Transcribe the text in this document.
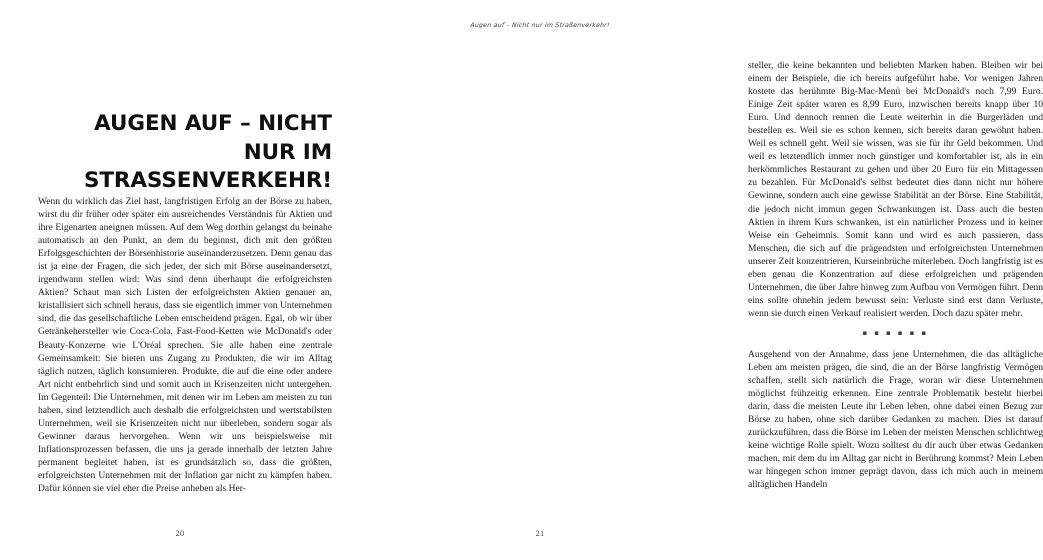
AUGEN AUF – NICHT NUR IM
STRASSENVERKEHR!

Wenn du wirklich das Ziel hast, langfristigen Erfolg an der Börse zu haben, wirst du dir früher oder später ein ausreichendes Verständnis für Aktien und ihre Eigenarten aneignen müssen. Auf dem Weg dorthin gelangst du beinahe automatisch an den Punkt, an dem du beginnst, dich mit den größten Erfolgsgeschichten der Börsenhistorie auseinanderzusetzen. Denn genau das ist ja eine der Fragen, die sich jeder, der sich mit Börse auseinandersetzt, irgendwann stellen wird: Was sind denn überhaupt die erfolgreichsten Aktien? Schaut man sich Listen der erfolgreichsten Aktien genauer an, kristallisiert sich schnell heraus, dass sie eigentlich immer von Unternehmen sind, die das gesellschaftliche Leben entscheidend prägen. Egal, ob wir über Getränkehersteller wie Coca-Cola, Fast-Food-Ketten wie McDonald's oder Beauty-Konzerne wie L'Oréal sprechen. Sie alle haben eine zentrale Gemeinsamkeit: Sie bieten uns Zugang zu Produkten, die wir im Alltag täglich nutzen, täglich konsumieren. Produkte, die auf die eine oder andere Art nicht entbehrlich sind und somit auch in Krisenzeiten nicht untergehen. Im Gegenteil: Die Unternehmen, mit denen wir im Leben am meisten zu tun haben, sind letztendlich auch deshalb die erfolgreichsten und wertstabilsten Unternehmen, weil sie Krisenzeiten nicht nur überleben, sondern sogar als Gewinner daraus hervorgehen. Wenn wir uns beispielsweise mit Inflationsprozessen befassen, die uns ja gerade innerhalb der letzten Jahre permanent begleitet haben, ist es grundsätzlich so, dass die größten, erfolgreichsten Unternehmen mit der Inflation gar nicht zu kämpfen haben. Dafür können sie viel eher die Preise anheben als Her-

20
Augen auf – Nicht nur im Straßenverkehr!

steller, die keine bekannten und beliebten Marken haben. Bleiben wir bei einem der Beispiele, die ich bereits aufgeführt habe. Vor wenigen Jahren kostete das berühmte Big-Mac-Menü bei McDonald's noch 7,99 Euro. Einige Zeit später waren es 8,99 Euro, inzwischen bereits knapp über 10 Euro. Und dennoch rennen die Leute weiterhin in die Burgerläden und bestellen es. Weil sie es schon kennen, sich bereits daran gewöhnt haben. Weil es schnell geht. Weil sie wissen, was sie für ihr Geld bekommen. Und weil es letztendlich immer noch günstiger und komfortabler ist, als in ein herkömmliches Restaurant zu gehen und über 20 Euro für ein Mittagessen zu bezahlen. Für McDonald's selbst bedeutet dies dann nicht nur höhere Gewinne, sondern auch eine gewisse Stabilität an der Börse. Eine Stabilität, die jedoch nicht immun gegen Schwankungen ist. Dass auch die besten Aktien in ihrem Kurs schwanken, ist ein natürlicher Prozess und in keiner Weise ein Geheimnis. Somit kann und wird es auch passieren, dass Menschen, die sich auf die prägendsten und erfolgreichsten Unternehmen unserer Zeit konzentrieren, Kurseinbrüche miterleben. Doch langfristig ist es eben genau die Konzentration auf diese erfolgreichen und prägenden Unternehmen, die über Jahre hinweg zum Aufbau von Vermögen führt. Denn eins sollte ohnehin jedem bewusst sein: Verluste sind erst dann Verluste, wenn sie durch einen Verkauf realisiert werden. Doch dazu später mehr.

▪ ▪ ▪ ▪ ▪ ▪

Ausgehend von der Annahme, dass jene Unternehmen, die das alltägliche Leben am meisten prägen, die sind, die an der Börse langfristig Vermögen schaffen, stellt sich natürlich die Frage, woran wir diese Unternehmen möglichst frühzeitig erkennen. Eine zentrale Problematik besteht hierbei darin, dass die meisten Leute ihr Leben leben, ohne dabei einen Bezug zur Börse zu haben, ohne sich darüber Gedanken zu machen. Dies ist darauf zurückzuführen, dass die Börse im Leben der meisten Menschen schlichtweg keine wichtige Rolle spielt. Wozu solltest du dir auch über etwas Gedanken machen, mit dem du im Alltag gar nicht in Berührung kommst? Mein Leben war hingegen schon immer geprägt davon, dass ich mich auch in meinem alltäglichen Handeln

21
